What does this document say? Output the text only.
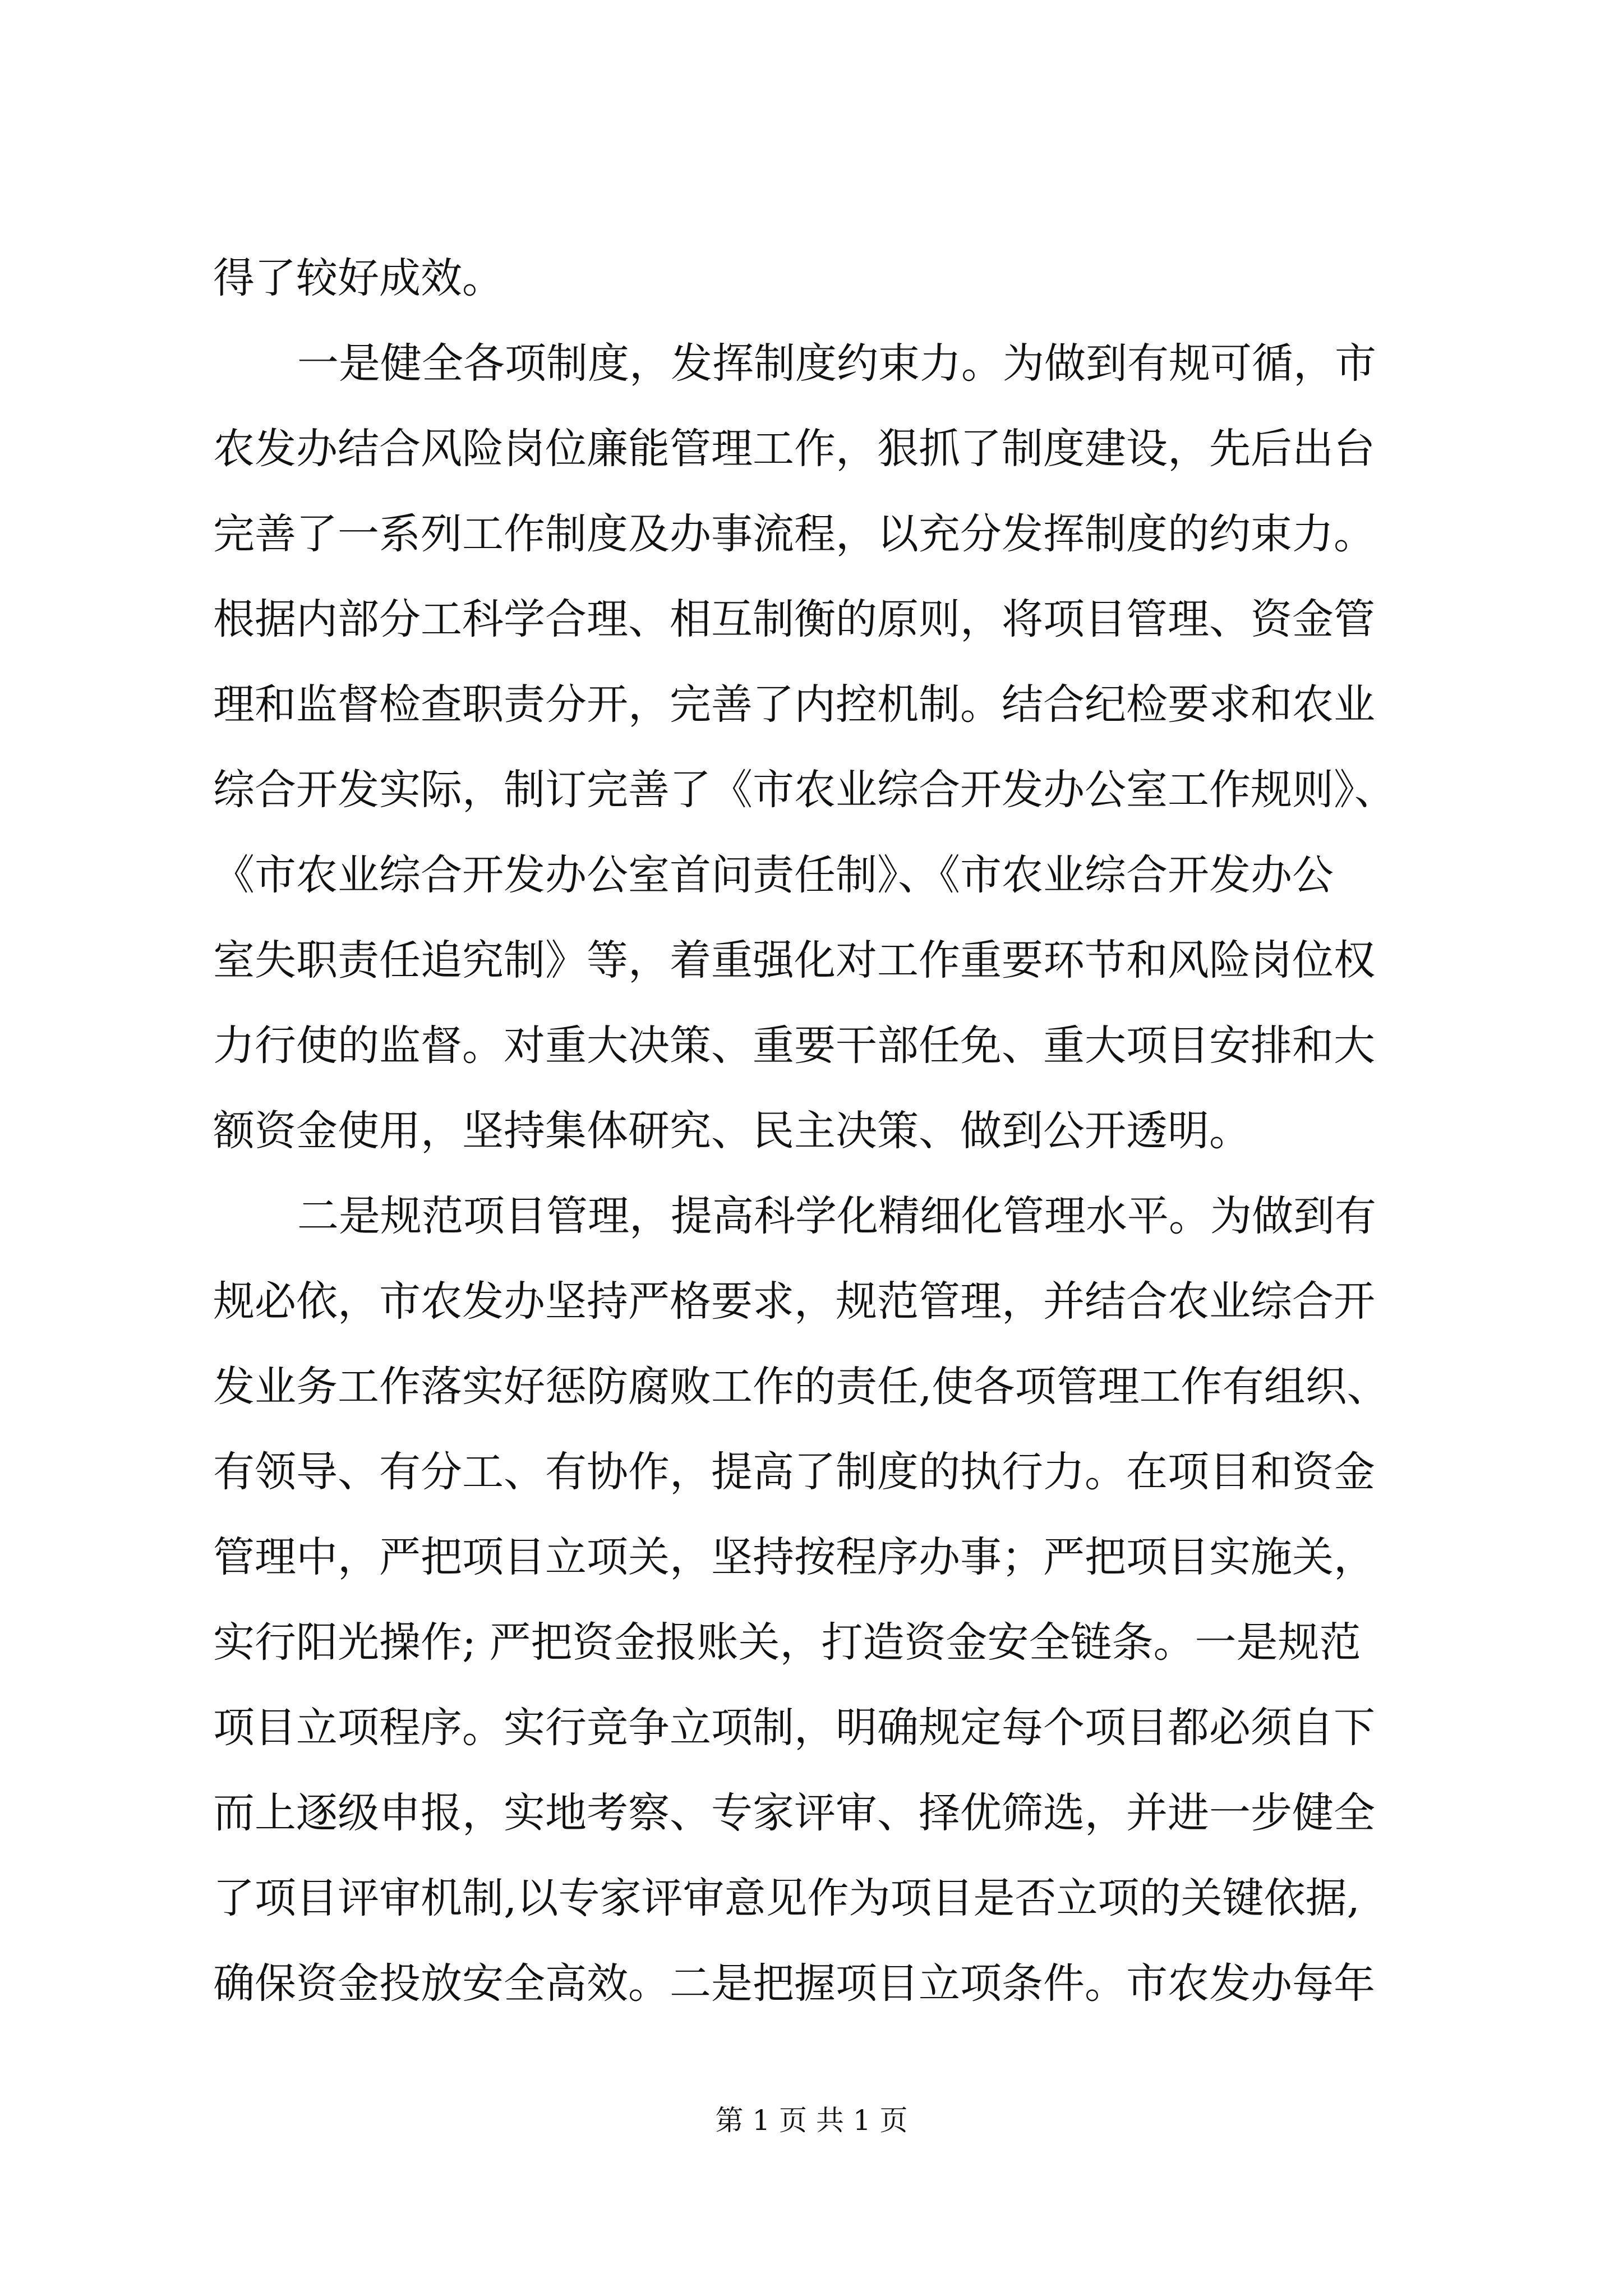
得了较好成效。
一是健全各项制度，发挥制度约束力。为做到有规可循，市
农发办结合风险岗位廉能管理工作，狠抓了制度建设，先后出台
完善了一系列工作制度及办事流程，以充分发挥制度的约束力。
根据内部分工科学合理、相互制衡的原则，将项目管理、资金管
理和监督检查职责分开，完善了内控机制。结合纪检要求和农业
综合开发实际，制订完善了《市农业综合开发办公室工作规则》、
《市农业综合开发办公室首问责任制》、《市农业综合开发办公
室失职责任追究制》等，着重强化对工作重要环节和风险岗位权
力行使的监督。对重大决策、重要干部任免、重大项目安排和大
额资金使用，坚持集体研究、民主决策、做到公开透明。
二是规范项目管理，提高科学化精细化管理水平。为做到有
规必依，市农发办坚持严格要求，规范管理，并结合农业综合开
发业务工作落实好惩防腐败工作的责任,使各项管理工作有组织、
有领导、有分工、有协作，提高了制度的执行力。在项目和资金
管理中，严把项目立项关，坚持按程序办事；严把项目实施关，
实行阳光操作; 严把资金报账关，打造资金安全链条。一是规范
项目立项程序。实行竞争立项制，明确规定每个项目都必须自下
而上逐级申报，实地考察、专家评审、择优筛选，并进一步健全
了项目评审机制,以专家评审意见作为项目是否立项的关键依据,
确保资金投放安全高效。二是把握项目立项条件。市农发办每年
第 1 页 共 1 页
